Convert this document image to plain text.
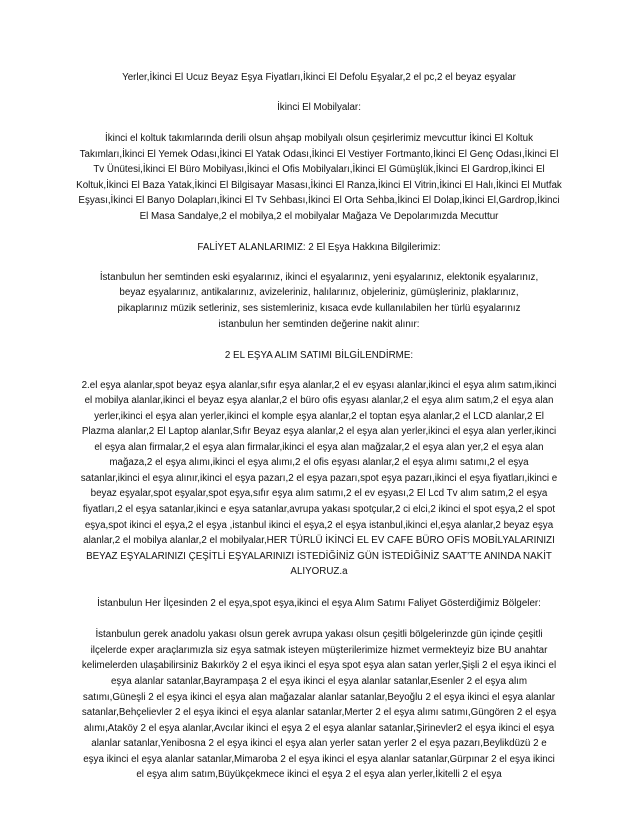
Yerler,İkinci El Ucuz Beyaz Eşya Fiyatları,İkinci El Defolu Eşyalar,2 el pc,2 el beyaz eşyalar

İkinci El Mobilyalar:

İkinci el koltuk takımlarında derili olsun ahşap mobilyalı olsun çeşirlerimiz mevcuttur İkinci El Koltuk Takımları,İkinci El Yemek Odası,İkinci El Yatak Odası,İkinci El Vestiyer Fortmanto,İkinci El Genç Odası,İkinci El Tv Ünütesi,İkinci El Büro Mobilyası,İkinci el Ofis Mobilyaları,İkinci El Gümüşlük,İkinci El Gardrop,İkinci El Koltuk,İkinci El Baza Yatak,İkinci El Bilgisayar Masası,İkinci El Ranza,İkinci El Vitrin,İkinci El Halı,İkinci El Mutfak Eşyası,İkinci El Banyo Dolapları,İkinci El Tv Sehbası,İkinci El Orta Sehba,İkinci El Dolap,İkinci El,Gardrop,İkinci El Masa Sandalye,2 el mobilya,2 el mobilyalar Mağaza Ve Depolarımızda Mecuttur

FALİYET ALANLARIMIZ: 2 El Eşya Hakkına Bilgilerimiz:

İstanbulun her semtinden eski eşyalarınız, ikinci el eşyalarınız, yeni eşyalarınız, elektonik eşyalarınız, beyaz eşyalarınız, antikalarınız, avizeleriniz, halılarınız, objeleriniz, gümüşleriniz, plaklarınız, pikaplarınız müzik setleriniz, ses sistemleriniz, kısaca evde kullanılabilen her türlü eşyalarınız istanbulun her semtinden değerine nakit alınır:

2 EL EŞYA ALIM SATIMI BİLGİLENDİRME:

2.el eşya alanlar,spot beyaz eşya alanlar,sıfır eşya alanlar,2 el ev eşyası alanlar,ikinci el eşya alım satım,ikinci el mobilya alanlar,ikinci el beyaz eşya alanlar,2 el büro ofis eşyası alanlar,2 el eşya alım satım,2 el eşya alan yerler,ikinci el eşya alan yerler,ikinci el komple eşya alanlar,2 el toptan eşya alanlar,2 el LCD alanlar,2 El Plazma alanlar,2 El Laptop alanlar,Sıfır Beyaz eşya alanlar,2 el eşya alan yerler,ikinci el eşya alan yerler,ikinci el eşya alan firmalar,2 el eşya alan firmalar,ikinci el eşya alan mağzalar,2 el eşya alan yer,2 el eşya alan mağaza,2 el eşya alımı,ikinci el eşya alımı,2 el ofis eşyası alanlar,2 el eşya alımı satımı,2 el eşya satanlar,ikinci el eşya alınır,ikinci el eşya pazarı,2 el eşya pazarı,spot eşya pazarı,ikinci el eşya fiyatları,ikinci e beyaz eşyalar,spot eşyalar,spot eşya,sıfır eşya alım satımı,2 el ev eşyası,2 El Lcd Tv alım satım,2 el eşya fiyatları,2 el eşya satanlar,ikinci e eşya satanlar,avrupa yakası spotçular,2 ci elci,2 ikinci el spot eşya,2 el spot eşya,spot ikinci el eşya,2 el eşya ,istanbul ikinci el eşya,2 el eşya istanbul,ikinci el,eşya alanlar,2 beyaz eşya alanlar,2 el mobilya alanlar,2 el mobilyalar,HER TÜRLÜ İKİNCİ EL EV CAFE BÜRO OFİS MOBİLYALARINIZI BEYAZ EŞYALARINIZI ÇEŞİTLİ EŞYALARINIZI İSTEDİĞİNİZ GÜN İSTEDİĞİNİZ SAAT’TE ANINDA NAKİT ALIYORUZ.a

İstanbulun Her İlçesinden 2 el eşya,spot eşya,ikinci el eşya Alım Satımı Faliyet Gösterdiğimiz Bölgeler:

İstanbulun gerek anadolu yakası olsun gerek avrupa yakası olsun çeşitli bölgelerinzde gün içinde çeşitli ilçelerde exper araçlarımızla siz eşya satmak isteyen müşterilerimize hizmet vermekteyiz bize BU anahtar kelimelerden ulaşabilirsiniz Bakırköy 2 el eşya ikinci el eşya spot eşya alan satan yerler,Şişli 2 el eşya ikinci el eşya alanlar satanlar,Bayrampaşa 2 el eşya ikinci el eşya alanlar satanlar,Esenler 2 el eşya alım satımı,Güneşli 2 el eşya ikinci el eşya alan mağazalar alanlar satanlar,Beyoğlu 2 el eşya ikinci el eşya alanlar satanlar,Behçelievler 2 el eşya ikinci el eşya alanlar satanlar,Merter 2 el eşya alımı satımı,Güngören 2 el eşya alımı,Ataköy 2 el eşya alanlar,Avcılar ikinci el eşya 2 el eşya alanlar satanlar,Şirinevler2 el eşya ikinci el eşya alanlar satanlar,Yenibosna 2 el eşya ikinci el eşya alan yerler satan yerler 2 el eşya pazarı,Beylikdüzü 2 e eşya ikinci el eşya alanlar satanlar,Mimaroba 2 el eşya ikinci el eşya alanlar satanlar,Gürpınar 2 el eşya ikinci el eşya alım satım,Büyükçekmece ikinci el eşya 2 el eşya alan yerler,İkitelli 2 el eşya
